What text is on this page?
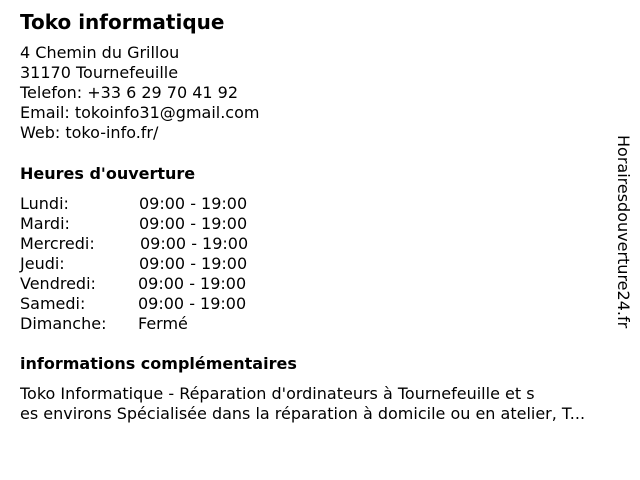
Toko informatique
4 Chemin du Grillou
31170 Tournefeuille
Telefon: +33 6 29 70 41 92
Email: tokoinfo31@gmail.com
Web: toko-info.fr/
Heures d'ouverture
Lundi:	09:00 - 19:00
Mardi:	09:00 - 19:00
Mercredi:	09:00 - 19:00
Jeudi:	09:00 - 19:00
Vendredi:	09:00 - 19:00
Samedi:	09:00 - 19:00
Dimanche: Fermé
informations complémentaires
Toko Informatique - Réparation d'ordinateurs à Tournefeuille et s
es environs Spécialisée dans la réparation à domicile ou en atelier, T...
Horairesdouverture24.fr
